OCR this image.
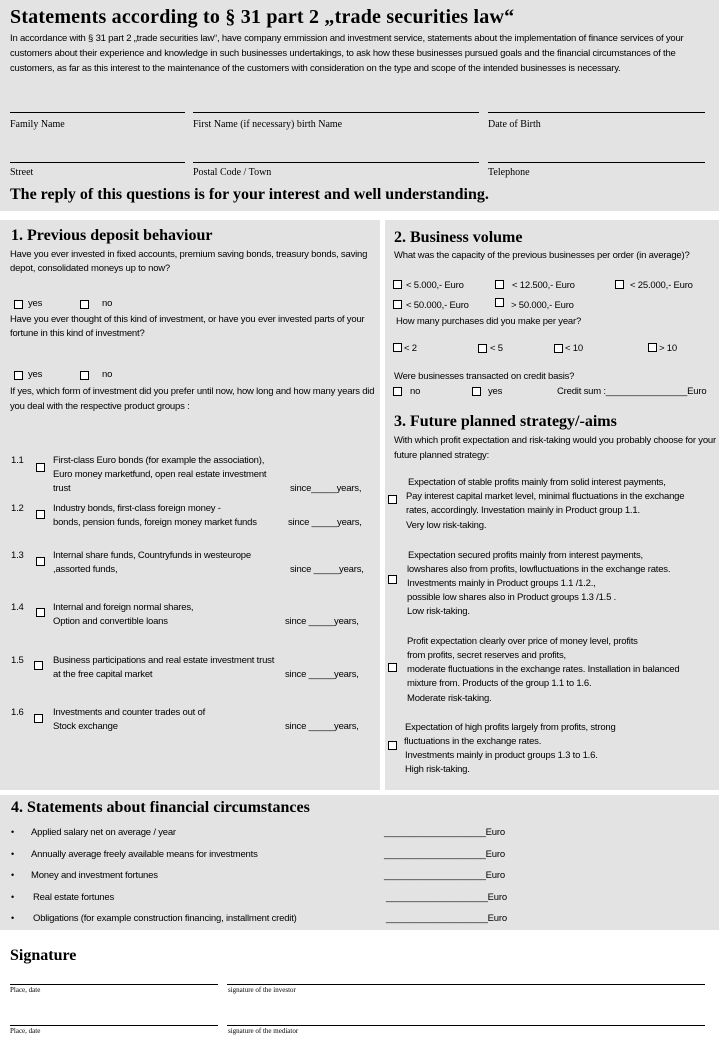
Statements according to § 31 part 2 „trade securities law“
In accordance with § 31 part 2 „trade securities law“, have company emmission and investment service, statements about the implementation of finance services of your customers about their experience and knowledge in such businesses undertakings, to ask how these businesses pursued goals and the financial circumstances of the customers, as far as this interest to the maintenance of the customers with consideration on the type and scope of the intended businesses is necessary.
Family Name	First Name (if necessary) birth Name	Date of Birth
Street	Postal Code / Town	Telephone
The reply of this questions is for your interest and well understanding.
1. Previous deposit behaviour
Have you ever invested in fixed accounts, premium saving bonds, treasury bonds, saving depot, consolidated moneys up to now?
yes	no
Have you ever thought of this kind of investment, or have you ever invested parts of your fortune in this kind of investment?
yes	no
If yes, which form of investment did you prefer until now, how long and how many years did you deal with the respective product groups :
1.1	First-class Euro bonds (for example the association),
Euro money marketfund, open real estate investment
trust	since_____years,
1.2	Industry bonds, first-class foreign money -
bonds, pension funds, foreign money market funds	since _____years,
1.3	Internal share funds, Countryfunds in westeurope
,assorted funds,	since _____years,
1.4	Internal and foreign normal shares,
Option and convertible loans	since _____years,
1.5	Business participations and real estate investment trust
at the free capital market	since _____years,
1.6	Investments and counter trades out of
Stock exchange	since _____years,
2. Business volume
What was the capacity of the previous businesses per order (in average)?
< 5.000,- Euro	< 12.500,- Euro	< 25.000,- Euro
< 50.000,- Euro	> 50.000,- Euro
How many purchases did you make per year?
< 2	< 5	< 10	> 10
Were businesses transacted on credit basis?
no	yes	Credit sum :________________Euro
3. Future planned strategy/-aims
With which profit expectation and risk-taking would you probably choose for your future planned strategy:
Expectation of stable profits mainly from solid interest payments,
Pay interest capital market level, minimal fluctuations in the exchange
rates, accordingly. Investation mainly in Product group 1.1.
Very low risk-taking.
Expectation secured profits mainly from interest payments,
lowshares also from profits, lowfluctuations in the exchange rates.
Investments mainly in Product groups 1.1 /1.2.,
possible low shares also in Product groups 1.3 /1.5 .
Low risk-taking.
Profit expectation clearly over price of money level, profits
from profits, secret reserves and profits,
moderate fluctuations in the exchange rates. Installation in balanced
mixture from. Products of the group 1.1 to 1.6.
Moderate risk-taking.
Expectation of high profits largely from profits, strong
fluctuations in the exchange rates.
Investments mainly in product groups 1.3 to 1.6.
High risk-taking.
4. Statements about financial circumstances
• Applied salary net on average / year	____________________Euro
• Annually average freely available means for investments	____________________Euro
• Money and investment fortunes	____________________Euro
• Real estate fortunes	____________________Euro
• Obligations (for example construction financing, installment credit)	____________________Euro
Signature
Place, date	signature of the investor
Place, date	signature of the mediator
